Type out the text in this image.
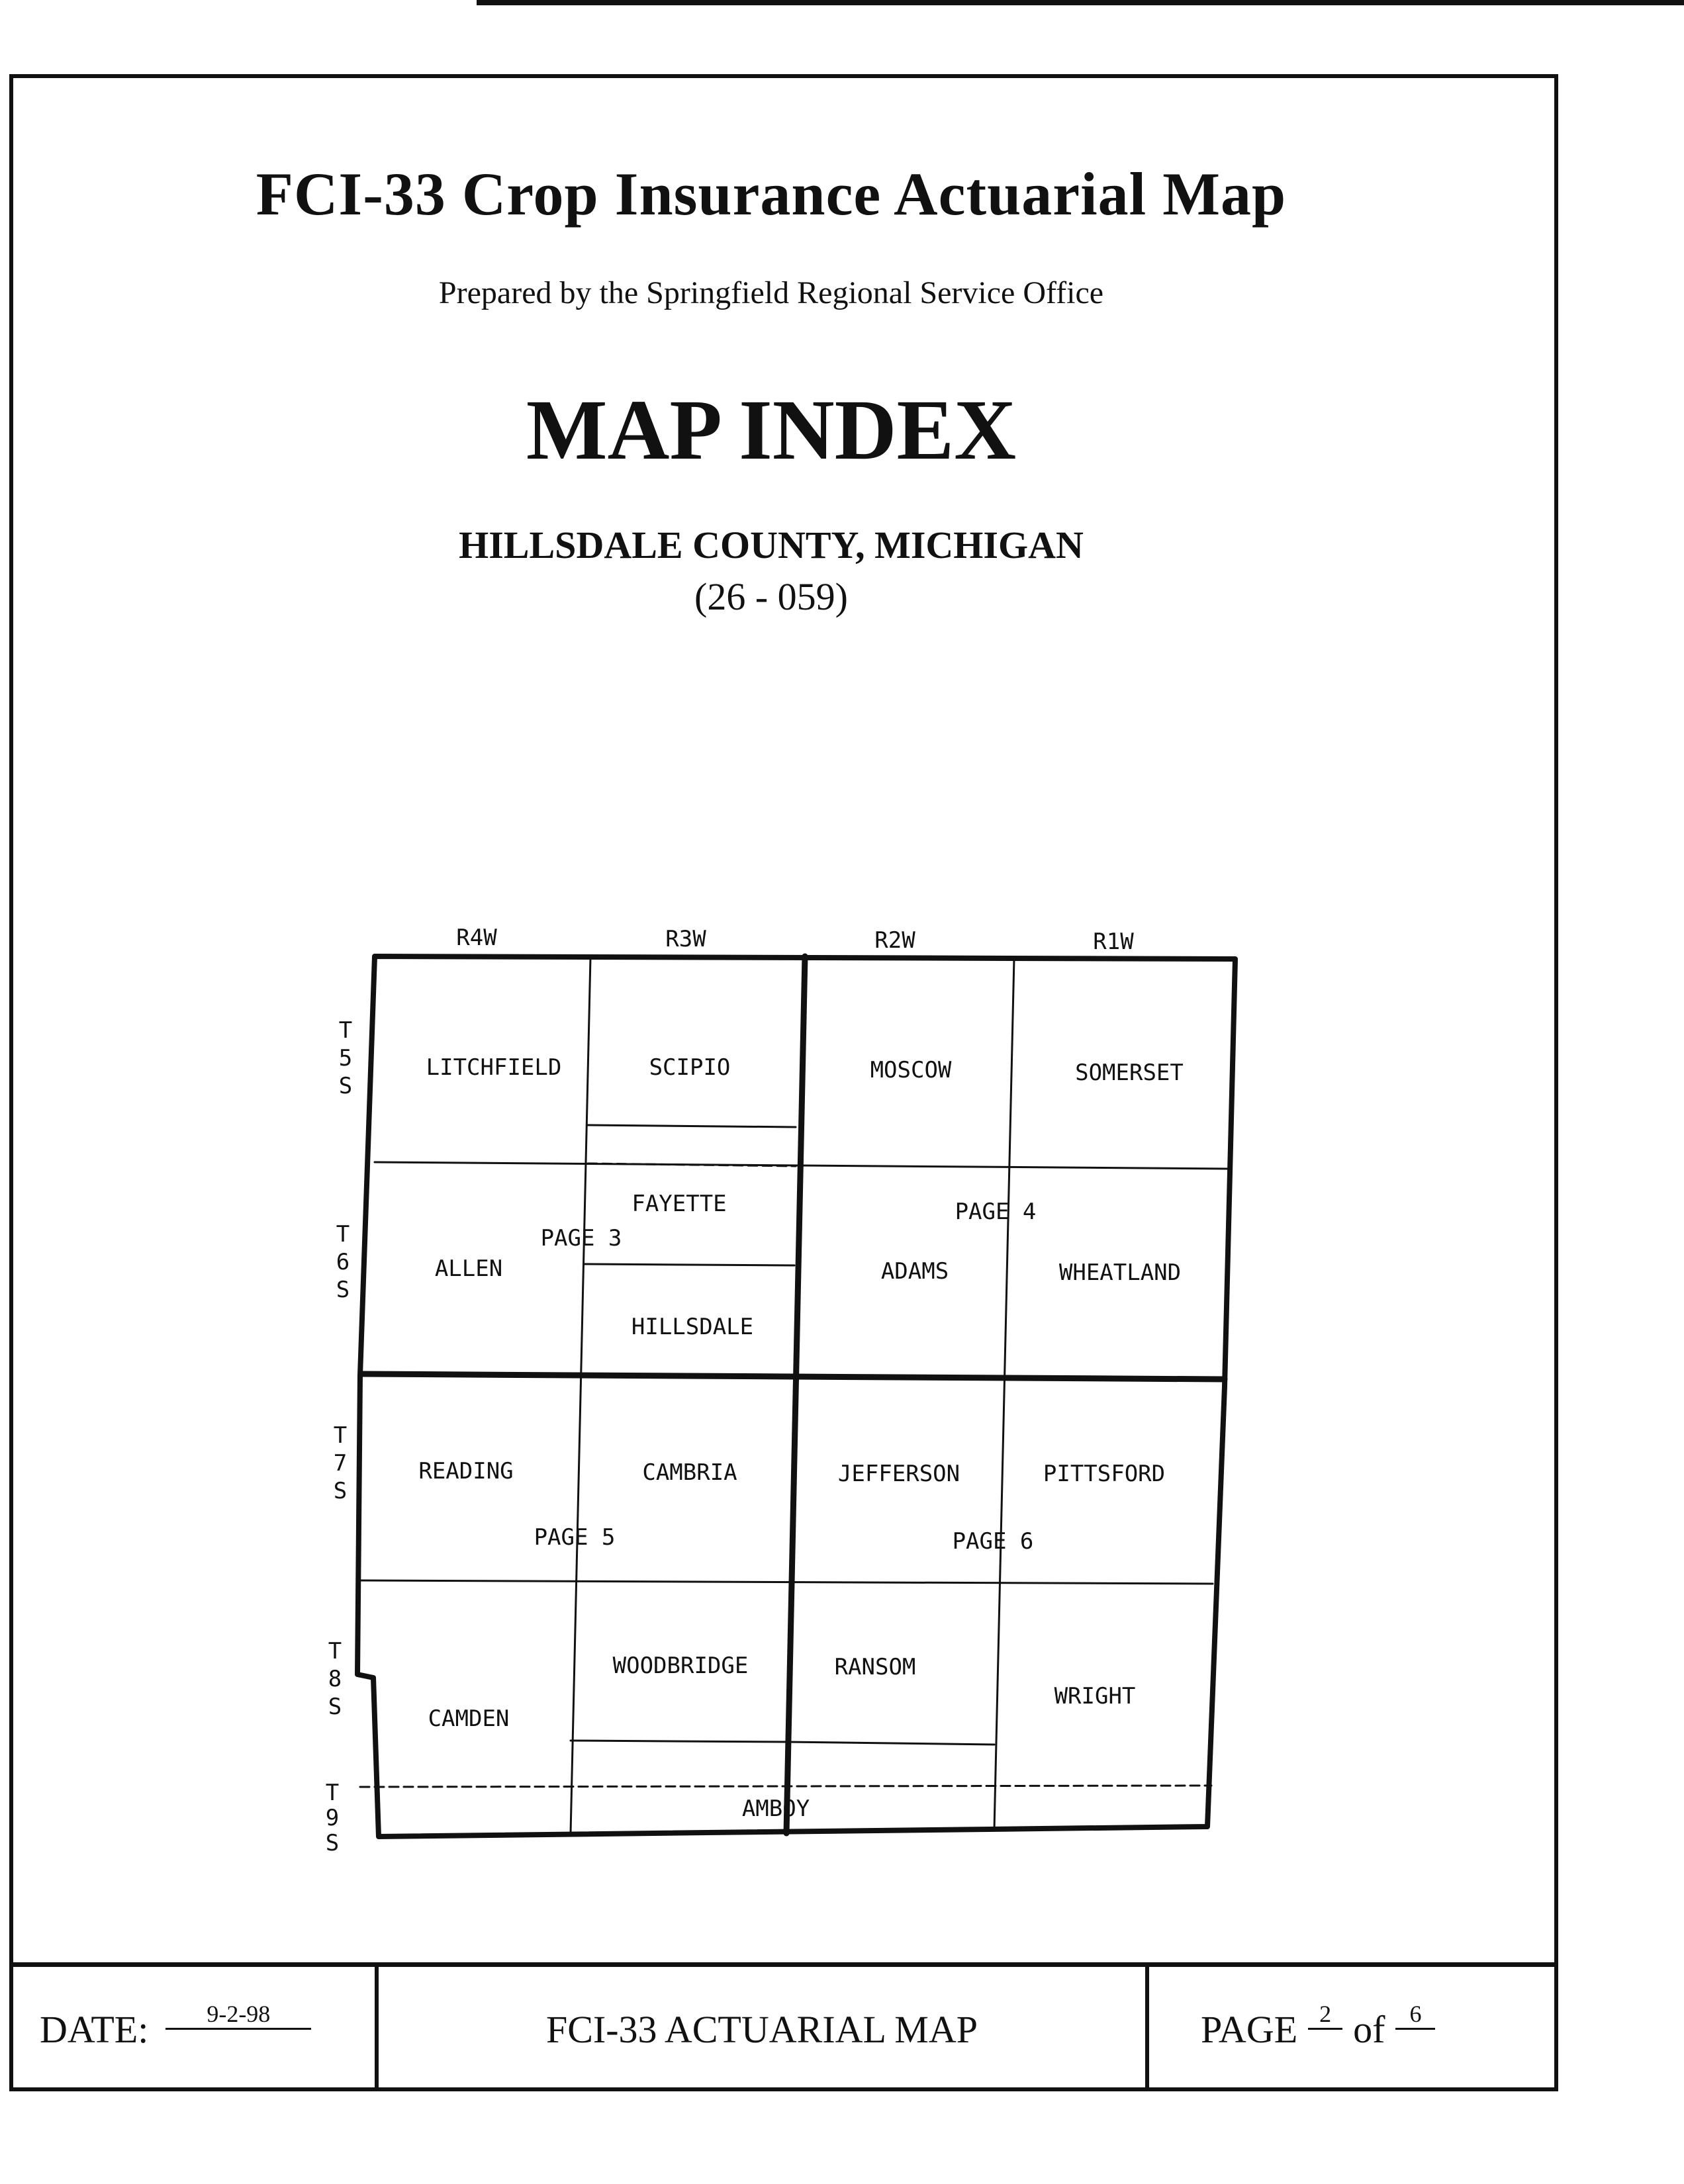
FCI-33 Crop Insurance Actuarial Map
Prepared by the Springfield Regional Service Office
MAP INDEX
HILLSDALE COUNTY, MICHIGAN
(26 - 059)
R4W	R3W	R2W	R1W
T
5
S
T
6
S
T
7
S
T
8
S
T
9
S
LITCHFIELD	SCIPIO	MOSCOW	SOMERSET
FAYETTE
ALLEN
HILLSDALE
ADAMS	WHEATLAND
READING	CAMBRIA	JEFFERSON	PITTSFORD
WOODBRIDGE	RANSOM
WRIGHT
CAMDEN
AMBOY
PAGE 3
PAGE 4
PAGE 5	PAGE 6
DATE:	9-2-98	FCI-33 ACTUARIAL MAP	PAGE 2 of	6
